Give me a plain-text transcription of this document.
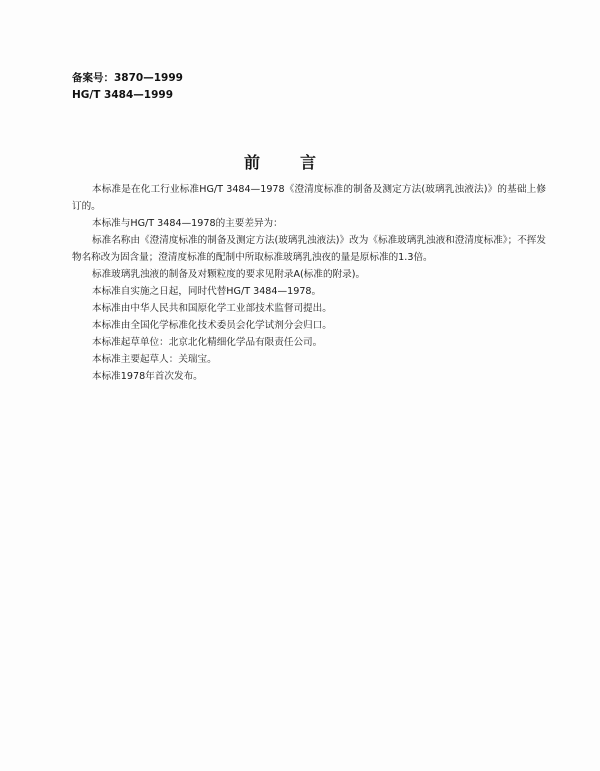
备案号：3870—1999
HG/T 3484—1999
前言

本标准是在化工行业标准HG/T 3484—1978《澄清度标准的制备及测定方法(玻璃乳浊液法)》的基础上修订的。

本标准与HG/T 3484—1978的主要差异为：

标准名称由《澄清度标准的制备及测定方法(玻璃乳浊液法)》改为《标准玻璃乳浊液和澄清度标准》；不挥发物名称改为固含量；澄清度标准的配制中所取标准玻璃乳浊夜的量是原标准的1.3倍。

标准玻璃乳浊液的制备及对颗粒度的要求见附录A(标准的附录)。

本标准自实施之日起，同时代替HG/T 3484—1978。

本标准由中华人民共和国原化学工业部技术监督司提出。

本标准由全国化学标准化技术委员会化学试剂分会归口。

本标准起草单位：北京北化精细化学品有限责任公司。

本标准主要起草人：关瑞宝。

本标准1978年首次发布。
